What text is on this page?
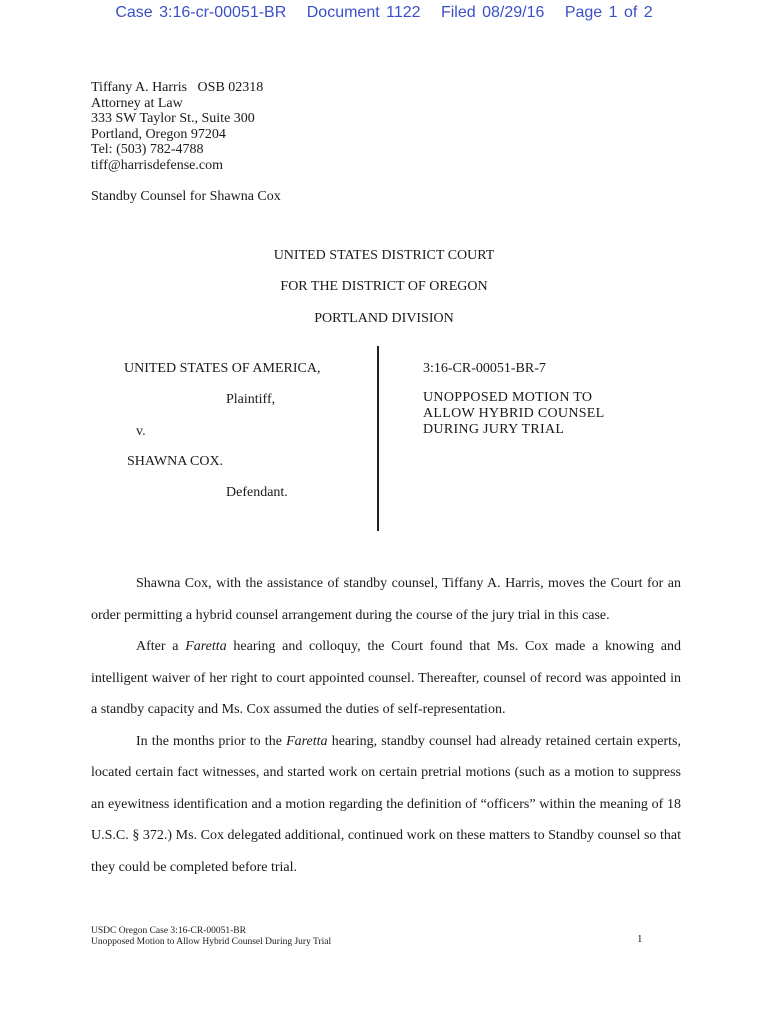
Case 3:16-cr-00051-BR Document 1122 Filed 08/29/16 Page 1 of 2
Tiffany A. Harris   OSB 02318
Attorney at Law
333 SW Taylor St., Suite 300
Portland, Oregon 97204
Tel: (503) 782-4788
tiff@harrisdefense.com
Standby Counsel for Shawna Cox
UNITED STATES DISTRICT COURT
FOR THE DISTRICT OF OREGON
PORTLAND DIVISION
UNITED STATES OF AMERICA,
Plaintiff,
v.
SHAWNA COX.
Defendant.
3:16-CR-00051-BR-7
UNOPPOSED MOTION TO
ALLOW HYBRID COUNSEL
DURING JURY TRIAL

Shawna Cox, with the assistance of standby counsel, Tiffany A. Harris, moves the Court for an order permitting a hybrid counsel arrangement during the course of the jury trial in this case.

After a Faretta hearing and colloquy, the Court found that Ms. Cox made a knowing and intelligent waiver of her right to court appointed counsel. Thereafter, counsel of record was appointed in a standby capacity and Ms. Cox assumed the duties of self-representation.

In the months prior to the Faretta hearing, standby counsel had already retained certain experts, located certain fact witnesses, and started work on certain pretrial motions (such as a motion to suppress an eyewitness identification and a motion regarding the definition of “officers” within the meaning of 18 U.S.C. § 372.) Ms. Cox delegated additional, continued work on these matters to Standby counsel so that they could be completed before trial.

USDC Oregon Case 3:16-CR-00051-BR
Unopposed Motion to Allow Hybrid Counsel During Jury Trial	1
